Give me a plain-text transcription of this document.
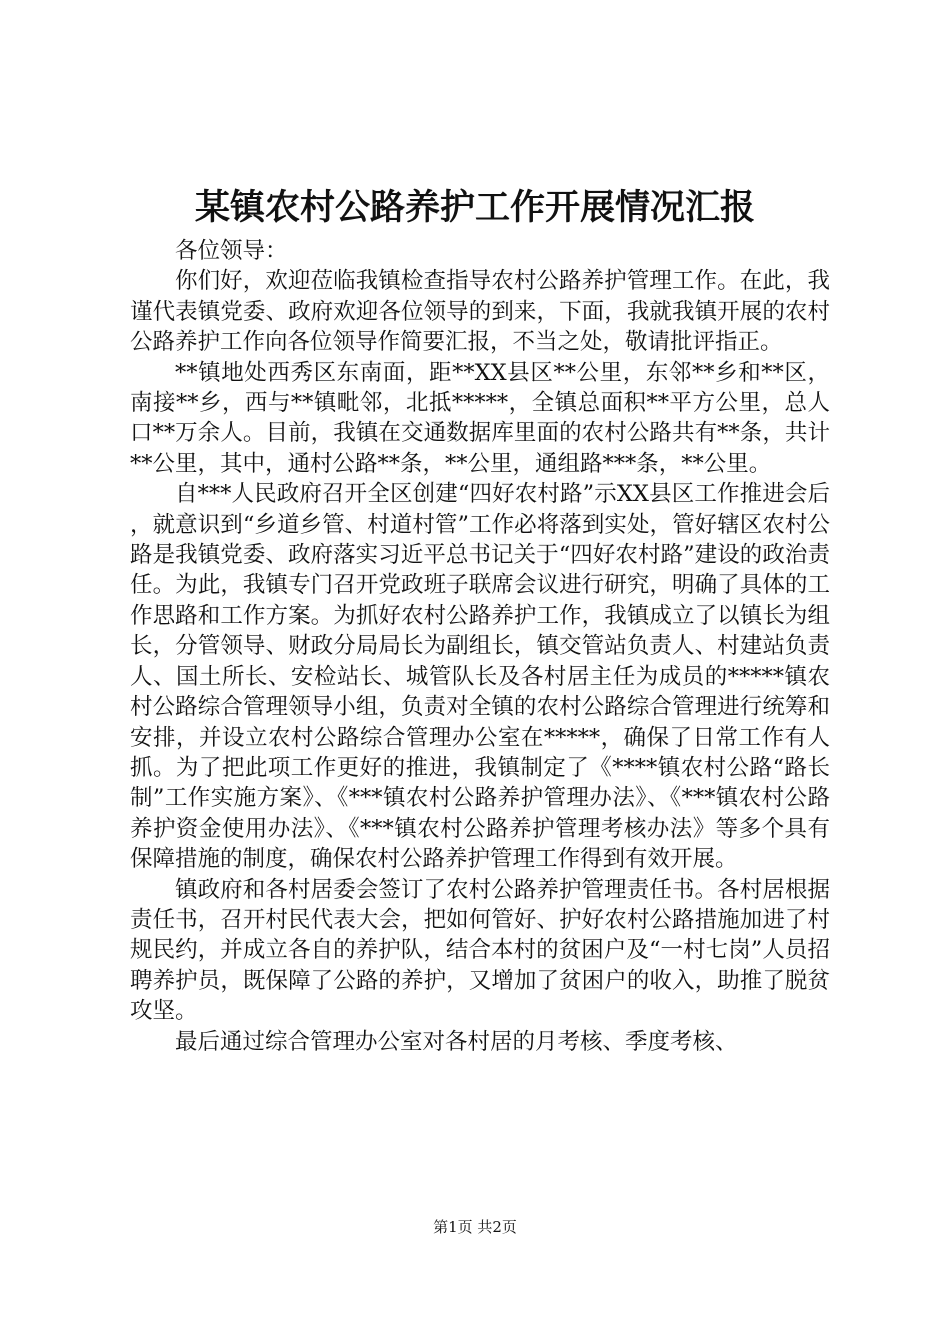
某镇农村公路养护工作开展情况汇报

各位领导：

你们好，欢迎莅临我镇检查指导农村公路养护管理工作。在此，我谨代表镇党委、政府欢迎各位领导的到来，下面，我就我镇开展的农村公路养护工作向各位领导作简要汇报，不当之处，敬请批评指正。

**镇地处西秀区东南面，距**XX县区**公里，东邻**乡和**区，南接**乡，西与**镇毗邻，北抵*****，全镇总面积**平方公里，总人口**万余人。目前，我镇在交通数据库里面的农村公路共有**条，共计**公里，其中，通村公路**条，**公里，通组路***条，**公里。

自***人民政府召开全区创建“四好农村路”示XX县区工作推进会后，就意识到“乡道乡管、村道村管”工作必将落到实处，管好辖区农村公路是我镇党委、政府落实习近平总书记关于“四好农村路”建设的政治责任。为此，我镇专门召开党政班子联席会议进行研究，明确了具体的工作思路和工作方案。为抓好农村公路养护工作，我镇成立了以镇长为组长，分管领导、财政分局局长为副组长，镇交管站负责人、村建站负责人、国土所长、安检站长、城管队长及各村居主任为成员的*****镇农村公路综合管理领导小组，负责对全镇的农村公路综合管理进行统筹和安排，并设立农村公路综合管理办公室在*****，确保了日常工作有人抓。为了把此项工作更好的推进，我镇制定了《****镇农村公路“路长制”工作实施方案》、《***镇农村公路养护管理办法》、《***镇农村公路养护资金使用办法》、《***镇农村公路养护管理考核办法》等多个具有保障措施的制度，确保农村公路养护管理工作得到有效开展。

镇政府和各村居委会签订了农村公路养护管理责任书。各村居根据责任书，召开村民代表大会，把如何管好、护好农村公路措施加进了村规民约，并成立各自的养护队，结合本村的贫困户及“一村七岗”人员招聘养护员，既保障了公路的养护，又增加了贫困户的收入，助推了脱贫攻坚。

最后通过综合管理办公室对各村居的月考核、季度考核、

第1页 共2页
